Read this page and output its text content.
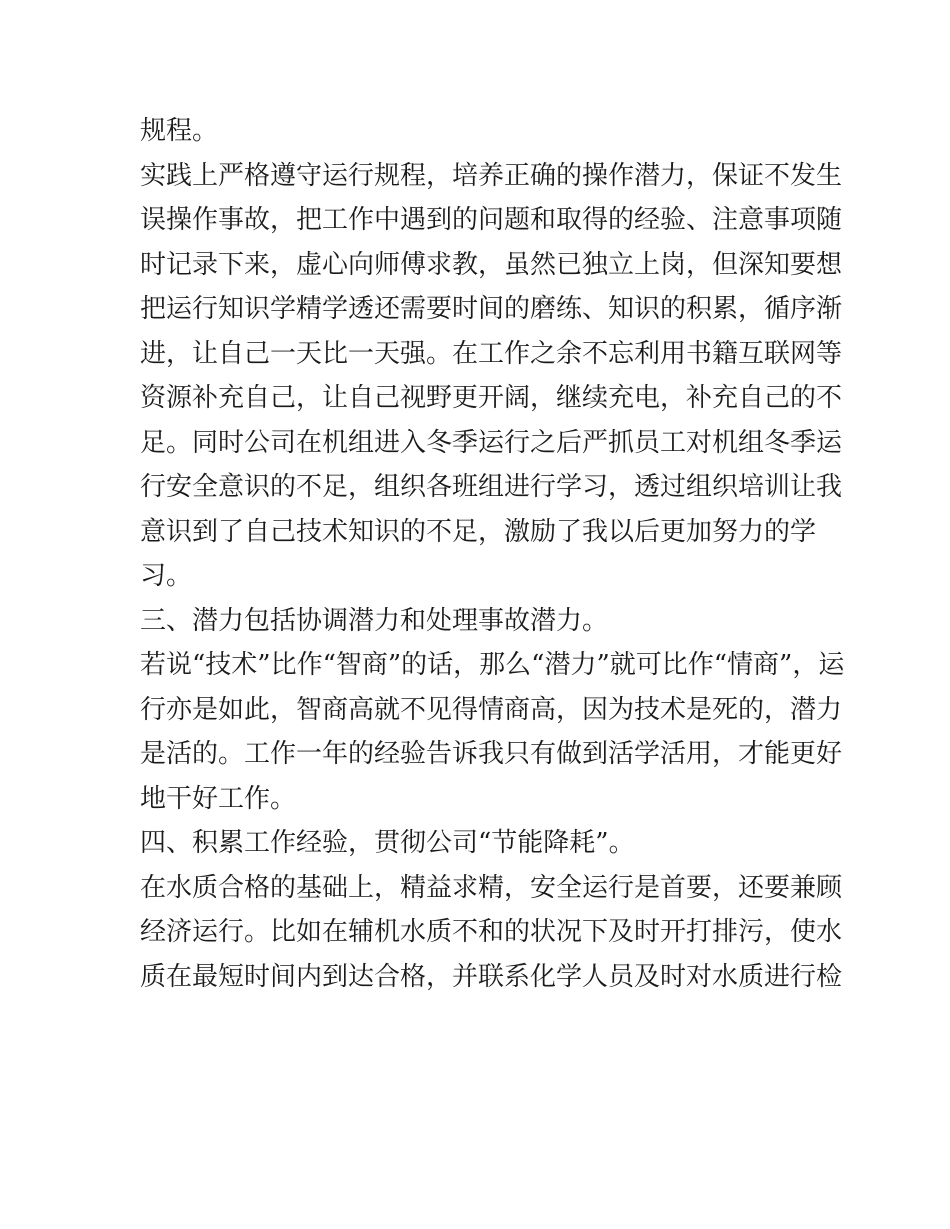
规程。
实践上严格遵守运行规程，培养正确的操作潜力，保证不发生
误操作事故，把工作中遇到的问题和取得的经验、注意事项随
时记录下来，虚心向师傅求教，虽然已独立上岗，但深知要想
把运行知识学精学透还需要时间的磨练、知识的积累，循序渐
进，让自己一天比一天强。在工作之余不忘利用书籍互联网等
资源补充自己，让自己视野更开阔，继续充电，补充自己的不
足。同时公司在机组进入冬季运行之后严抓员工对机组冬季运
行安全意识的不足，组织各班组进行学习，透过组织培训让我
意识到了自己技术知识的不足，激励了我以后更加努力的学
习。
三、潜力包括协调潜力和处理事故潜力。
若说“技术”比作“智商”的话，那么“潜力”就可比作“情商”，运
行亦是如此，智商高就不见得情商高，因为技术是死的，潜力
是活的。工作一年的经验告诉我只有做到活学活用，才能更好
地干好工作。
四、积累工作经验，贯彻公司“节能降耗”。
在水质合格的基础上，精益求精，安全运行是首要，还要兼顾
经济运行。比如在辅机水质不和的状况下及时开打排污，使水
质在最短时间内到达合格，并联系化学人员及时对水质进行检
